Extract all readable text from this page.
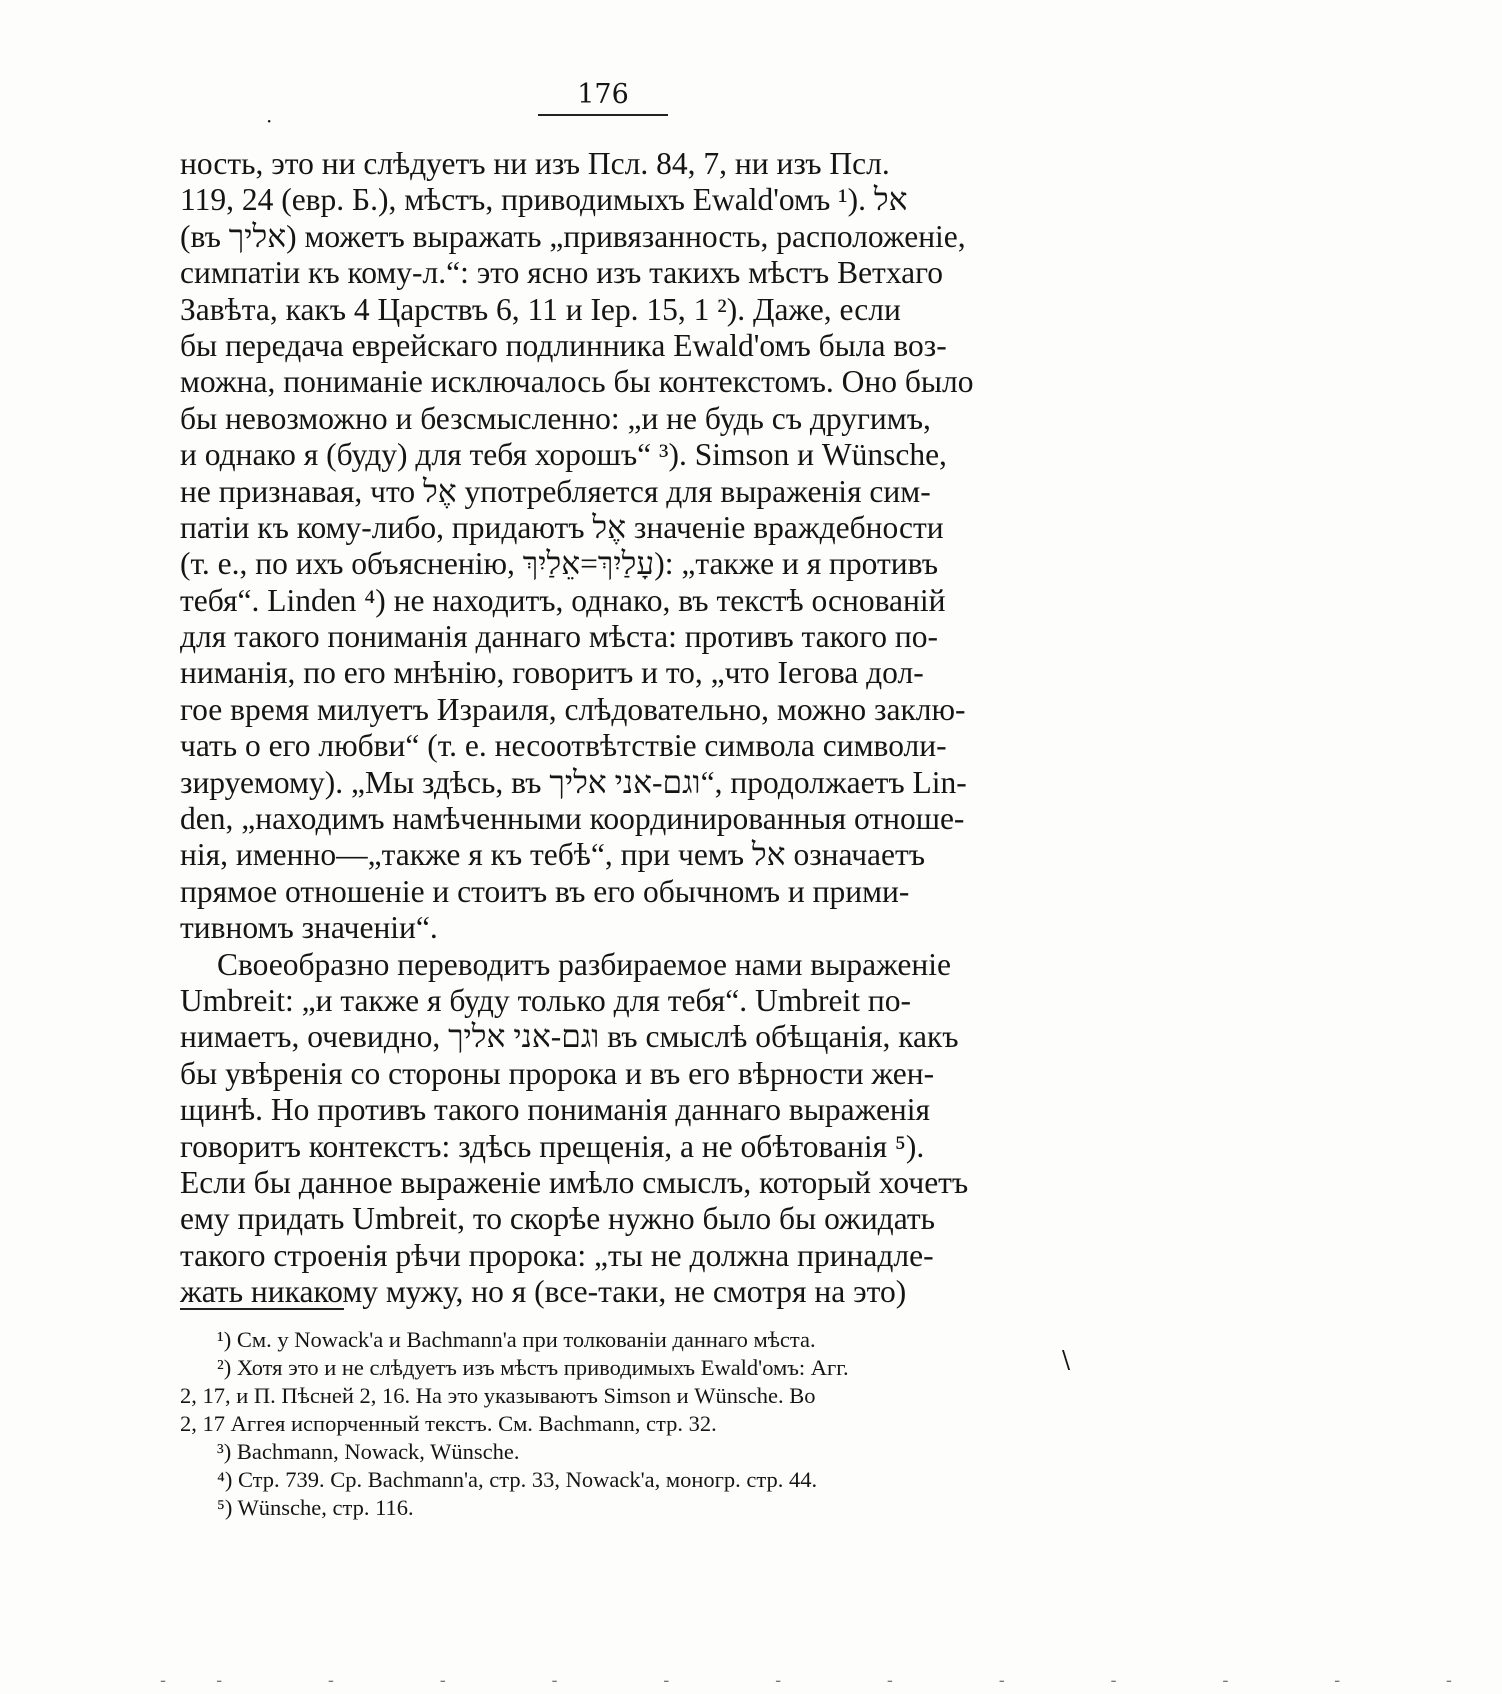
·
176
ность, это ни слѣдуетъ ни изъ Псл. 84, 7, ни изъ Псл.
119, 24 (евр. Б.), мѣстъ, приводимыхъ Ewald'омъ ¹). אל
(въ אליך) можетъ выражать „привязанность, расположеніе,
симпатіи къ кому-л.“: это ясно изъ такихъ мѣстъ Ветхаго
Завѣта, какъ 4 Царствъ 6, 11 и Іер. 15, 1 ²). Даже, если
бы передача еврейскаго подлинника Ewald'омъ была воз-
можна, пониманіе исключалось бы контекстомъ. Оно было
бы невозможно и безсмысленно: „и не будь съ другимъ,
и однако я (буду) для тебя хорошъ“ ³). Simson и Wünsche,
не признавая, что אֶל употребляется для выраженія сим-
патіи къ кому-либо, придаютъ אֶל значеніе враждебности
(т. е., по ихъ объясненію, עָלַיִךְ=אֵלַיִךְ): „также и я противъ
тебя“. Linden ⁴) не находитъ, однако, въ текстѣ основаній
для такого пониманія даннаго мѣста: противъ такого по-
ниманія, по его мнѣнію, говоритъ и то, „что Іегова дол-
гое время милуетъ Израиля, слѣдовательно, можно заклю-
чать о его любви“ (т. е. несоотвѣтствіе символа символи-
зируемому). „Мы здѣсь, въ וגם-אני אליך“, продолжаетъ Lin-
den, „находимъ намѣченными координированныя отноше-
нія, именно—„также я къ тебѣ“, при чемъ אל означаетъ
прямое отношеніе и стоитъ въ его обычномъ и прими-
тивномъ значеніи“.
Своеобразно переводитъ разбираемое нами выраженіе
Umbreit: „и также я буду только для тебя“. Umbreit по-
нимаетъ, очевидно, וגם-אני אליך въ смыслѣ обѣщанія, какъ
бы увѣренія со стороны пророка и въ его вѣрности жен-
щинѣ. Но противъ такого пониманія даннаго выраженія
говоритъ контекстъ: здѣсь прещенія, а не обѣтованія ⁵).
Если бы данное выраженіе имѣло смыслъ, который хочетъ
ему придать Umbreit, то скорѣе нужно было бы ожидать
такого строенія рѣчи пророка: „ты не должна принадле-
жать никакому мужу, но я (все-таки, не смотря на это)
\
¹) См. у Nowack'а и Bachmann'а при толкованіи даннаго мѣста.
²) Хотя это и не слѣдуетъ изъ мѣстъ приводимыхъ Ewald'омъ: Агг.
2, 17, и П. Пѣсней 2, 16. На это указываютъ Simson и Wünsche. Во
2, 17 Аггея испорченный текстъ. См. Bachmann, стр. 32.
³) Bachmann, Nowack, Wünsche.
⁴) Стр. 739. Ср. Bachmann'а, стр. 33, Nowack'а, моногр. стр. 44.
⁵) Wünsche, стр. 116.
-- - - - - - - - - - - -
